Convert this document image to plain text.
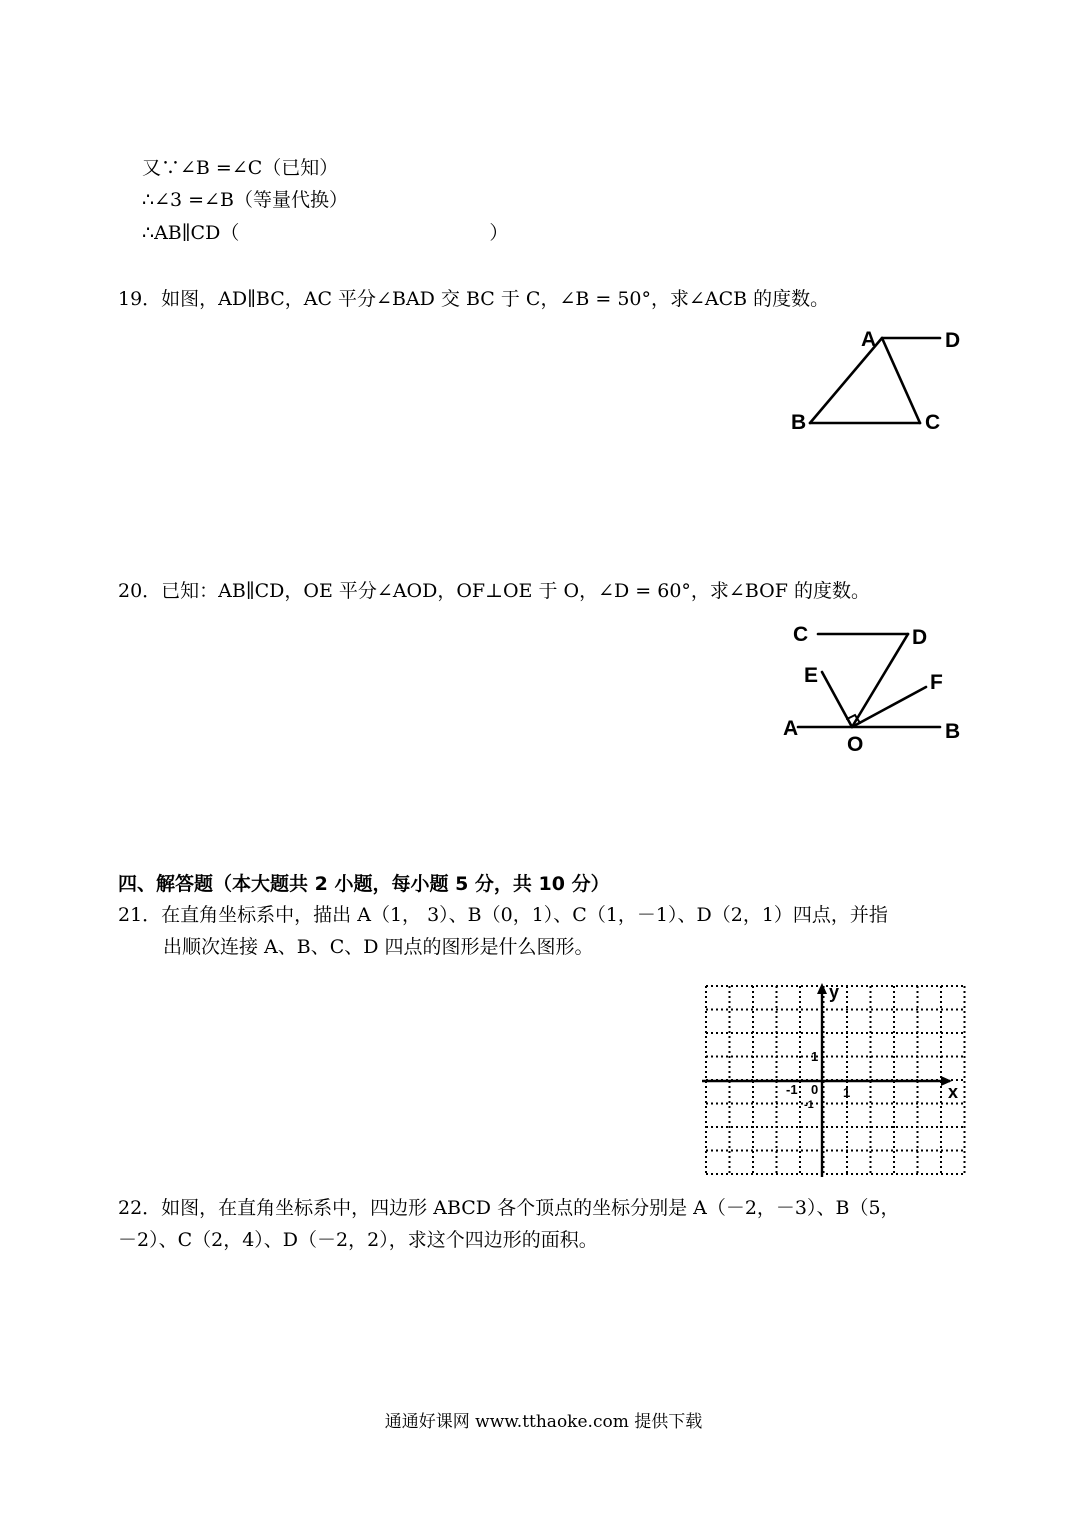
又∵∠B =∠C（已知）
∴∠3 =∠B（等量代换）
∴AB∥CD（	）
19．如图，AD∥BC，AC 平分∠BAD 交 BC 于 C，∠B = 50°，求∠ACB 的度数。
A	D
B	C
20．已知：AB∥CD，OE 平分∠AOD，OF⊥OE 于 O，∠D = 60°，求∠BOF 的度数。
C	D
E	F
A	B
O
四、解答题（本大题共 2 小题，每小题 5 分，共 10 分）
21．在直角坐标系中，描出 A（1， 3）、B（0，1）、C（1，－1）、D（2，1）四点，并指
出顺次连接 A、B、C、D 四点的图形是什么图形。
y
x
0 1
1
-1
-1
22．如图，在直角坐标系中，四边形 ABCD 各个顶点的坐标分别是 A（－2，－3）、B（5，
－2）、C（2，4）、D（－2，2），求这个四边形的面积。
通通好课网 www.tthaoke.com 提供下载
